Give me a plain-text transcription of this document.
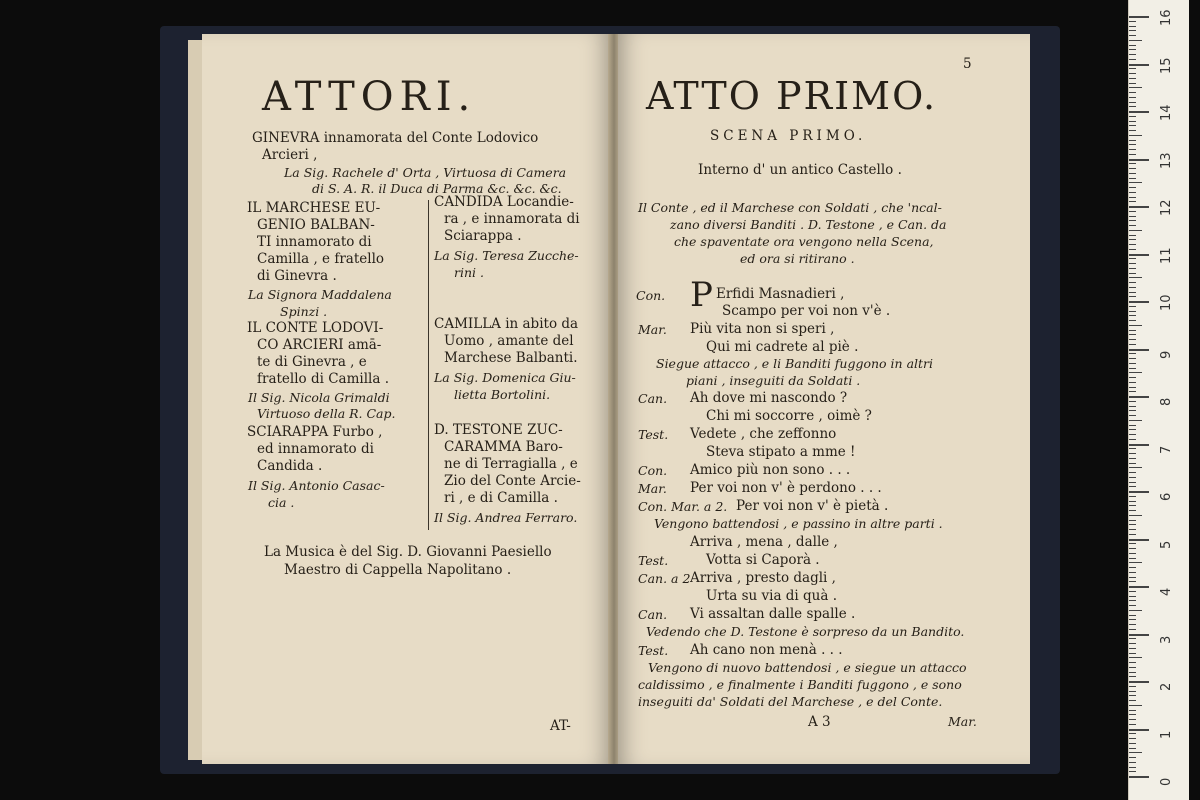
ATTORI.
GINEVRA innamorata del Conte Lodovico
Arcieri ,
La Sig. Rachele d' Orta , Virtuosa di Camera
di S. A. R. il Duca di Parma &c. &c. &c.
IL MARCHESE EU-
GENIO BALBAN-
TI innamorato di
Camilla , e fratello
di Ginevra .
La Signora Maddalena
Spinzi .
IL CONTE LODOVI-
CO ARCIERI amā-
te di Ginevra , e
fratello di Camilla .
Il Sig. Nicola Grimaldi
Virtuoso della R. Cap.
SCIARAPPA Furbo ,
ed innamorato di
Candida .
Il Sig. Antonio Casac-
cia .
CANDIDA Locandie-
ra , e innamorata di
Sciarappa .
La Sig. Teresa Zucche-
rini .
CAMILLA in abito da
Uomo , amante del
Marchese Balbanti.
La Sig. Domenica Giu-
lietta Bortolini.
D. TESTONE ZUC-
CARAMMA Baro-
ne di Terragialla , e
Zio del Conte Arcie-
ri , e di Camilla .
Il Sig. Andrea Ferraro.
La Musica è del Sig. D. Giovanni Paesiello
Maestro di Cappella Napolitano .
AT-
5
ATTO PRIMO.
SCENA PRIMO.
Interno d' un antico Castello .
Il Conte , ed il Marchese con Soldati , che 'ncal-
zano diversi Banditi . D. Testone , e Can. da
che spaventate ora vengono nella Scena,
ed ora si ritirano .
Con. P Erfidi Masnadieri ,
Scampo per voi non v'è .
Mar. Più vita non si speri ,
Qui mi cadrete al piè .
Siegue attacco , e li Banditi fuggono in altri
piani , inseguiti da Soldati .
Can. Ah dove mi nascondo ?
Chi mi soccorre , oimè ?
Test. Vedete , che zeffonno
Steva stipato a mme !
Con. Amico più non sono . . .
Mar. Per voi non v' è perdono . . .
Con. Mar. a 2. Per voi non v' è pietà .
Vengono battendosi , e passino in altre parti .
Arriva , mena , dalle ,
Test.	Votta si Caporà .
Can. a 2 Arriva , presto dagli ,
Urta su via di quà .
Can. Vi assaltan dalle spalle .
Vedendo che D. Testone è sorpreso da un Bandito.
Test. Ah cano non menà . . .
Vengono di nuovo battendosi , e siegue un attacco
caldissimo , e finalmente i Banditi fuggono , e sono
inseguiti da' Soldati del Marchese , e del Conte.
A 3	Mar.
16
15
14
13
12
11
10
9
8
7
6
5
4
3
2
1
0
